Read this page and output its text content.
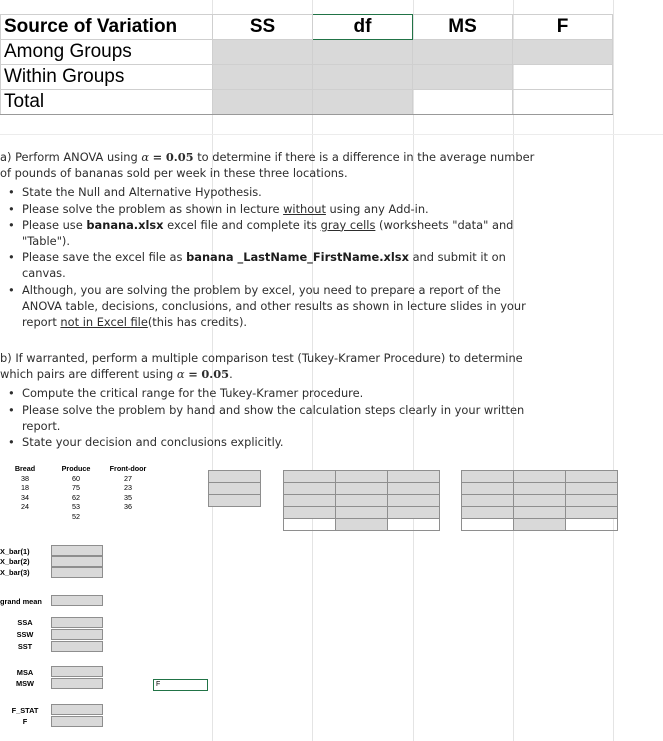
Source of Variation	SS	df	MS	F
Among Groups				
Within Groups				
Total				

a) Perform ANOVA using α = 0.05 to determine if there is a difference in the average number of pounds of bananas sold per week in these three locations.

• State the Null and Alternative Hypothesis.
• Please solve the problem as shown in lecture without using any Add-in.
• Please use banana.xlsx excel file and complete its gray cells (worksheets "data" and "Table").
• Please save the excel file as banana _LastName_FirstName.xlsx and submit it on canvas.
• Although, you are solving the problem by excel, you need to prepare a report of the ANOVA table, decisions, conclusions, and other results as shown in lecture slides in your report not in Excel file(this has credits).

b) If warranted, perform a multiple comparison test (Tukey-Kramer Procedure) to determine which pairs are different using α = 0.05.

• Compute the critical range for the Tukey-Kramer procedure.
• Please solve the problem by hand and show the calculation steps clearly in your written report.
• State your decision and conclusions explicitly.
Bread	Produce	Front-door
38	60	27
18	75	23
34	62	35
24	53	36
	52	

X_bar(1)
X_bar(2)
X_bar(3)
grand mean
SSA
SSW
SST
MSA
MSW	F
F_STAT
F
